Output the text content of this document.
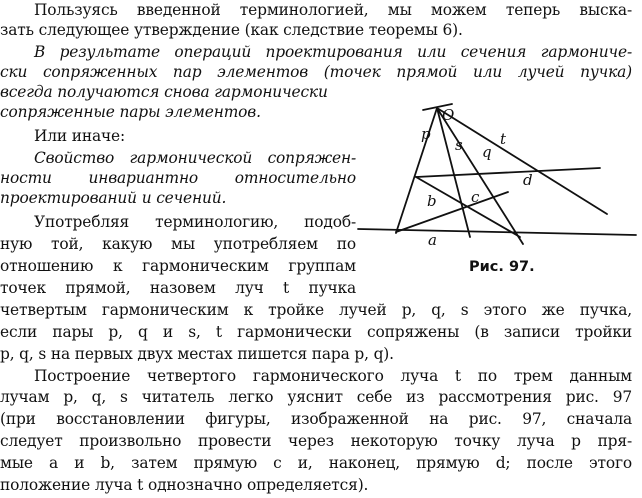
Пользуясь введенной терминологией, мы можем теперь выска-
зать следующее утверждение (как следствие теоремы 6).
В результате операций проектирования или сечения гармониче-
ски сопряженных пар элементов (точек прямой или лучей пучка)
всегда получаются снова гармонически
сопряженные пары элементов.
Или иначе:
Свойство гармонической сопряжен-
ности инвариантно относительно
проектирований и сечений.
Употребляя терминологию, подоб-
ную той, какую мы употребляем по
отношению к гармоническим группам
точек прямой, назовем луч t пучка
четвертым гармоническим к тройке лучей p, q, s этого же пучка,
если пары p, q и s, t гармонически сопряжены (в записи тройки
p, q, s на первых двух местах пишется пара p, q).
Построение четвертого гармонического луча t по трем данным
лучам p, q, s читатель легко уяснит себе из рассмотрения рис. 97
(при восстановлении фигуры, изображенной на рис. 97, сначала
следует произвольно провести через некоторую точку луча p пря-
мые a и b, затем прямую c и, наконец, прямую d; после этого
положение луча t однозначно определяется).
O
p
s q
t
d
c
b
a
Рис. 97.
